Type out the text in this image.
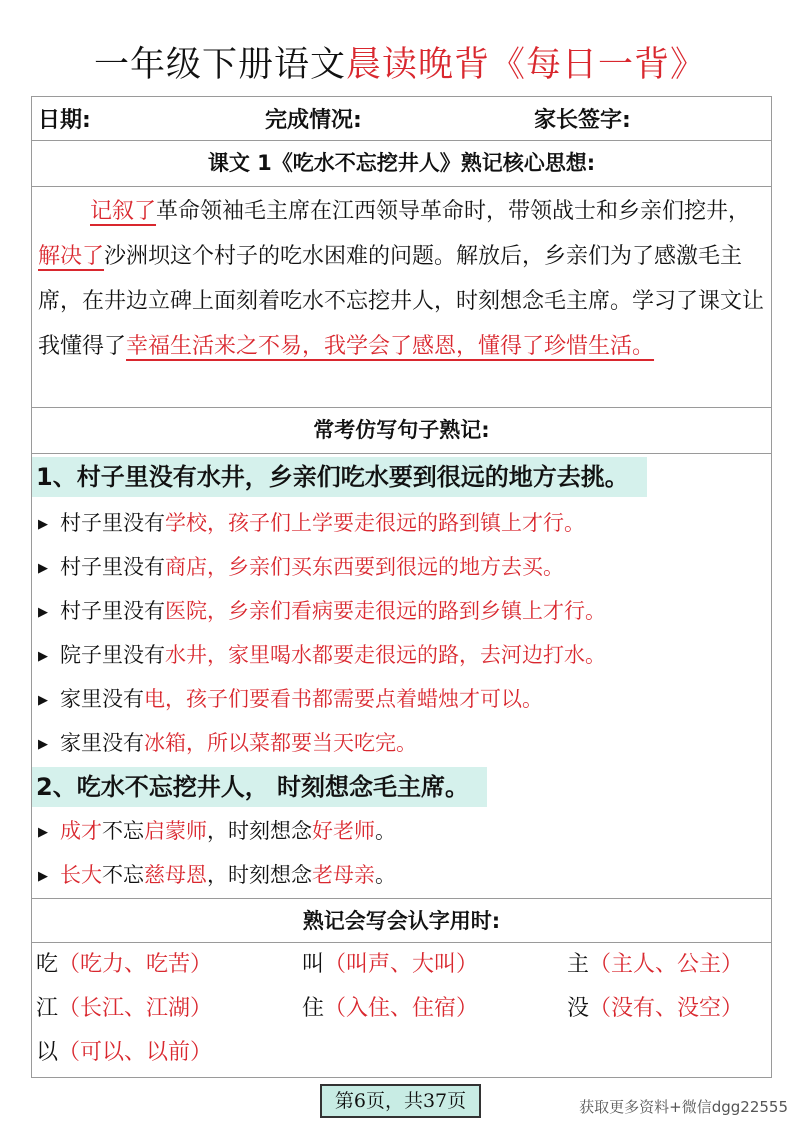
一年级下册语文晨读晚背《每日一背》
日期:	完成情况:	家长签字:
课文 1《吃水不忘挖井人》熟记核心思想:
记叙了革命领袖毛主席在江西领导革命时，带领战士和乡亲们挖井，解决了沙洲坝这个村子的吃水困难的问题。解放后，乡亲们为了感激毛主席，在井边立碑上面刻着吃水不忘挖井人，时刻想念毛主席。学习了课文让我懂得了幸福生活来之不易，我学会了感恩，懂得了珍惜生活。
常考仿写句子熟记:
1、村子里没有水井，乡亲们吃水要到很远的地方去挑。
▶ 村子里没有学校，孩子们上学要走很远的路到镇上才行。
▶ 村子里没有商店，乡亲们买东西要到很远的地方去买。
▶ 村子里没有医院，乡亲们看病要走很远的路到乡镇上才行。
▶ 院子里没有水井，家里喝水都要走很远的路，去河边打水。
▶ 家里没有电，孩子们要看书都需要点着蜡烛才可以。
▶ 家里没有冰箱，所以菜都要当天吃完。
2、吃水不忘挖井人， 时刻想念毛主席。
▶ 成才不忘启蒙师，时刻想念好老师。
▶ 长大不忘慈母恩，时刻想念老母亲。
熟记会写会认字用时:
吃（吃力、吃苦）	叫（叫声、大叫）	主（主人、公主）
江（长江、江湖）	住（入住、住宿）	没（没有、没空）
以（可以、以前）
第6页，共37页	获取更多资料+微信dgg22555
